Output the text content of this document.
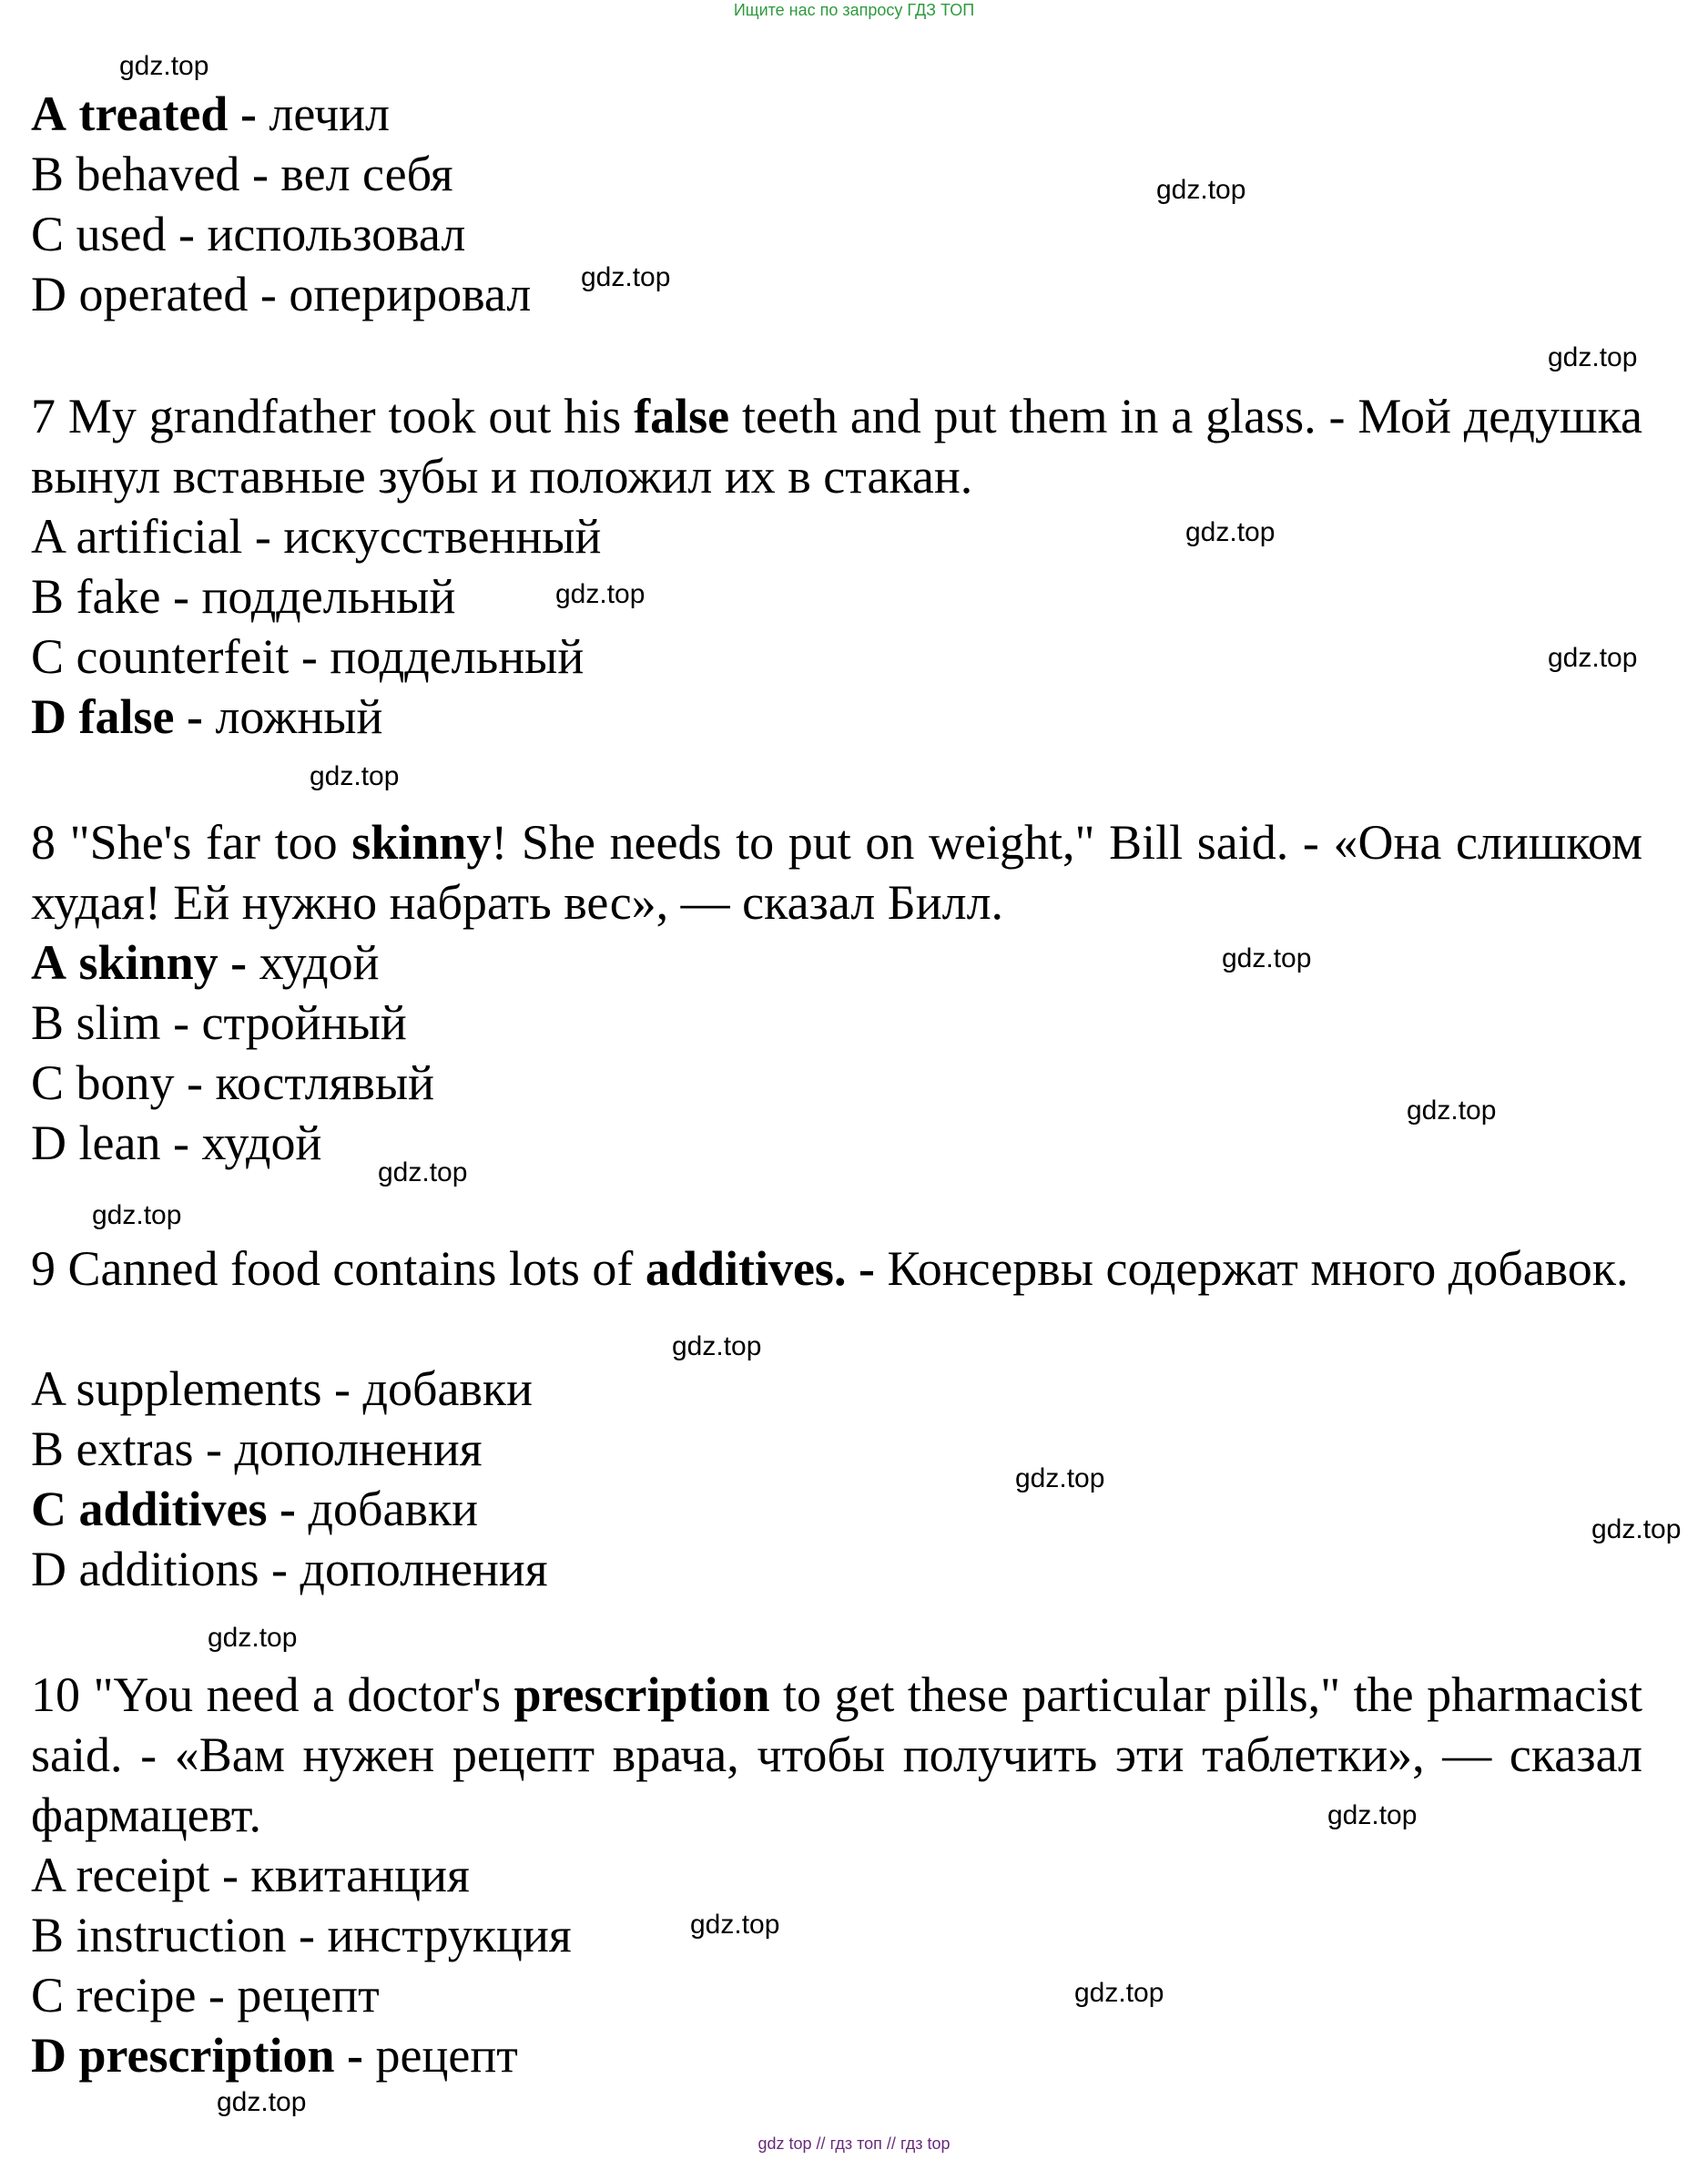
Ищите нас по запросу ГДЗ ТОП
gdz.top
gdz.top
gdz.top
gdz.top
gdz.top
gdz.top
gdz.top
gdz.top
gdz.top
gdz.top
gdz.top
gdz.top
gdz.top
gdz.top
gdz.top
gdz.top
gdz.top
gdz.top
gdz.top
gdz.top
A treated - лечил
B behaved - вел себя
C used - использовал
D operated - оперировал
7 My grandfather took out his false teeth and put them in a glass. - Мой дедушка вынул вставные зубы и положил их в стакан.
A artificial - искусственный
B fake - поддельный
C counterfeit - поддельный
D false - ложный
8 "She's far too skinny! She needs to put on weight," Bill said. - «Она слишком худая! Ей нужно набрать вес», — сказал Билл.
A skinny - худой
B slim - стройный
C bony - костлявый
D lean - худой
9 Canned food contains lots of additives. - Консервы содержат много добавок.
A supplements - добавки
B extras - дополнения
C additives - добавки
D additions - дополнения
10 "You need a doctor's prescription to get these particular pills," the pharmacist said. - «Вам нужен рецепт врача, чтобы получить эти таблетки», — сказал фармацевт.
A receipt - квитанция
B instruction - инструкция
C recipe - рецепт
D prescription - рецепт
gdz top // гдз топ // гдз top
